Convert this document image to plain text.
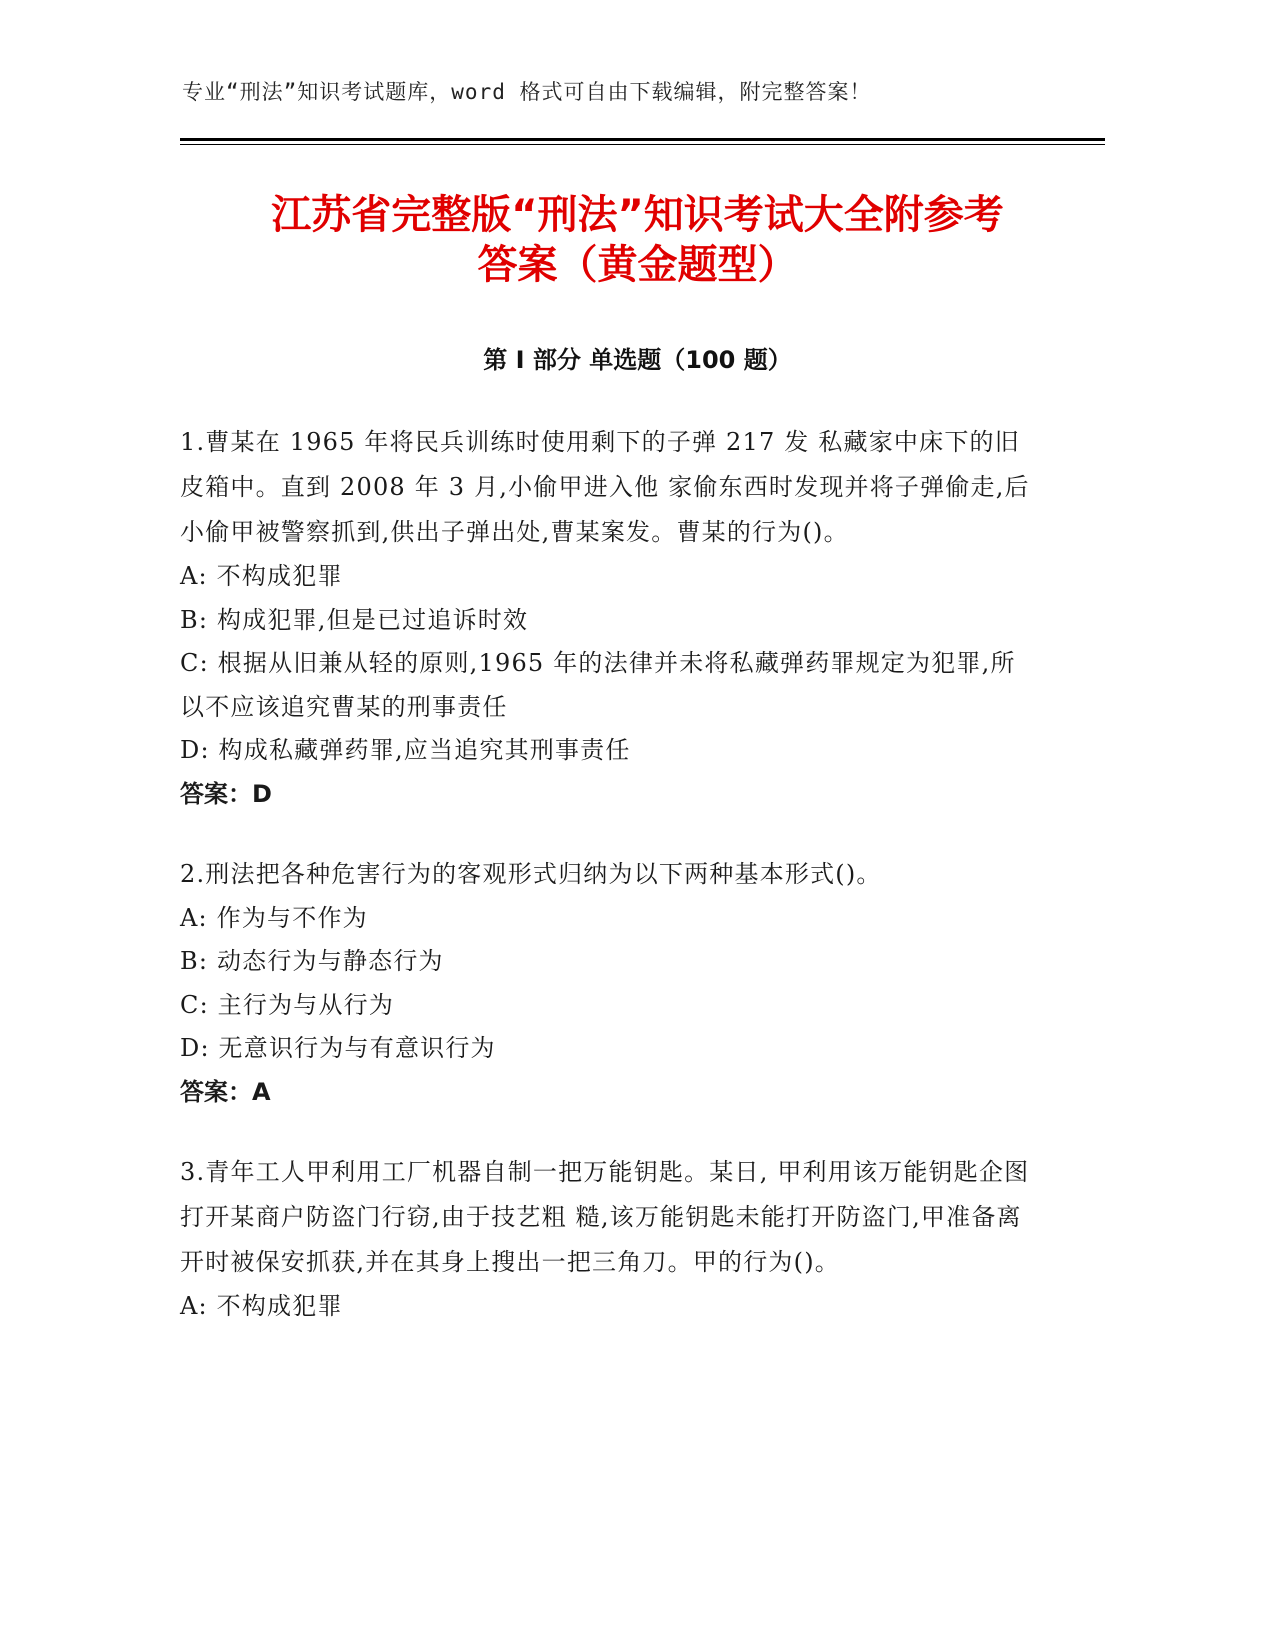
专业“刑法”知识考试题库，word 格式可自由下载编辑，附完整答案！
江苏省完整版“刑法”知识考试大全附参考
答案（黄金题型）
第 I 部分 单选题（100 题）

1.曹某在 1965 年将民兵训练时使用剩下的子弹 217 发 私藏家中床下的旧皮箱中。直到 2008 年 3 月,小偷甲进入他 家偷东西时发现并将子弹偷走,后小偷甲被警察抓到,供出子弹出处,曹某案发。曹某的行为()。

A: 不构成犯罪

B: 构成犯罪,但是已过追诉时效

C: 根据从旧兼从轻的原则,1965 年的法律并未将私藏弹药罪规定为犯罪,所以不应该追究曹某的刑事责任

D: 构成私藏弹药罪,应当追究其刑事责任

答案：D

2.刑法把各种危害行为的客观形式归纳为以下两种基本形式()。

A: 作为与不作为

B: 动态行为与静态行为

C: 主行为与从行为

D: 无意识行为与有意识行为

答案：A

3.青年工人甲利用工厂机器自制一把万能钥匙。某日, 甲利用该万能钥匙企图打开某商户防盗门行窃,由于技艺粗 糙,该万能钥匙未能打开防盗门,甲准备离开时被保安抓获,并在其身上搜出一把三角刀。甲的行为()。

A: 不构成犯罪
